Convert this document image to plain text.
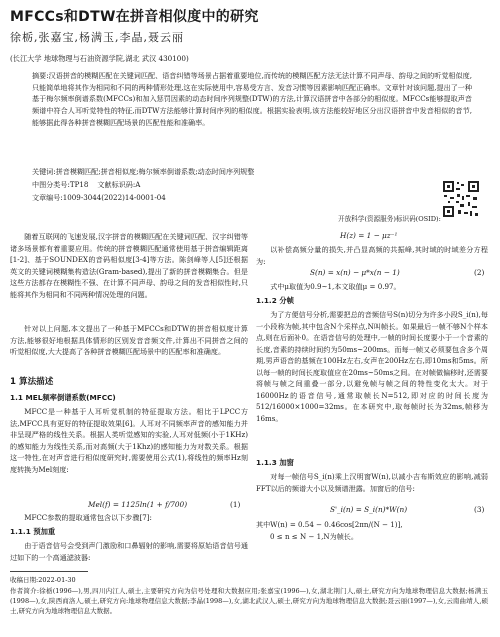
MFCCs和DTW在拼音相似度中的研究
徐栃,张嘉宝,杨满玉,李晶,聂云丽
(长江大学 地球物理与石油资源学院,湖北 武汉 430100)
摘要:汉语拼音的模糊匹配在关键词匹配、语音纠错等场景占据着重要地位,而传统的模糊匹配方法无法计算不同声母、韵母之间的听觉相似度,只能简单地将其作为相同和不同的两种情形处理,这在实际使用中,容易受方言、发音习惯等因素影响匹配正确率。文章针对该问题,提出了一种基于梅尔频率倒谱系数(MFCCs)和加入惩罚因素的动态时间序列规整(DTW)的方法,计算汉语拼音中各部分的相似度。MFCCs能够提取声音频谱中符合人耳听觉特性的特征,而DTW方法能够计算时间序列的相似度。根据实验表明,该方法能较好地区分出汉语拼音中发音相似的音节,能够据此得各种拼音模糊匹配场景的匹配性能和准确率。
关键词:拼音模糊匹配;拼音相似度;梅尔频率倒谱系数;动态时间序列规整
中图分类号:TP18 文献标识码:A
文章编号:1009-3044(2022)14-0001-04
开放科学(资源服务)标识码(OSID):

随着互联网的飞速发展,汉字拼音的模糊匹配在关键词匹配、汉字纠错等诸多场景都有着重要应用。传统的拼音模糊匹配通常使用基于拼音编辑距离[1-2]、基于SOUNDEX的音码相似度[3-4]等方法。陈剑峰等人[5]还根据英文的关键词模糊集构造法(Gram-based),提出了新的拼音模糊集合。但是这些方法都存在模糊性不强、在计算不同声母、韵母之间的发音相似性时,只能将其作为相同和不同两种情况处理的问题。

针对以上问题,本文提出了一种基于MFCCs和DTW的拼音相似度计算方法,能够很好地根据具体情形的区别发音音频文件,计算出不同拼音之间的听觉相似度,大大提高了各种拼音模糊匹配场景中的匹配率和准确度。

1 算法描述
1.1 MEL频率倒谱系数(MFCC)

MFCC是一种基于人耳听觉机制的特征提取方法。相比于LPCC方法,MFCC具有更好的特征提取效果[6]。人耳对不同频率声音的感知能力并非呈现严格的线性关系。根据人类听觉感知的实验,人耳对低频(小于1KHz)的感知能力为线性关系,而对高频(大于1Khz)的感知能力为对数关系。根据这一特性,在对声音进行相似度研究时,需要使用公式(1),将线性的频率Hz刻度转换为Mel刻度:

Mel(f) = 1125ln(1 + f/700)	(1)

MFCC参数的提取通常包含以下步骤[7]:

1.1.1 预加重

由于语音信号会受到声门激励和口鼻辐射的影响,需要将原始语音信号通过如下的一个高通滤波器:

H(z) = 1 − μz⁻¹

以补偿高频分量的损失,并凸显高频的共振峰,其时域的时域差分方程为:

S(n) = x(n) − μ*x(n − 1)	(2)

式中μ取值为0.9~1,本文取值μ = 0.97。

1.1.2 分帧

为了方便信号分析,需要把总的音频信号S(n)切分为许多小段S_i(n),每一小段称为帧,其中包含N个采样点,N叫帧长。如果最后一帧不够N个样本点,则在后面补0。在语音信号的处理中,一帧的时间长度要小于一个音素的长度,音素的持续时间约为50ms~200ms。而每一帧又必须要包含多个周期,男声语音的基频在100Hz左右,女声在200Hz左右,即10ms和5ms。所以每一帧的时间长度取值应在20ms~50ms之间。在对帧做偏移时,还需要将帧与帧之间重叠一部分,以避免帧与帧之间的特性变化太大。对于16000Hz的语音信号,通常取帧长N=512,即对应的时间长度为512/16000×1000=32ms。在本研究中,取每帧时长为32ms,帧移为16ms。

1.1.3 加窗

对每一帧信号S_i(n)乘上汉明窗W(n),以减小吉布斯效应的影响,减弱FFT以后的频谱大小以及频谱泄露。加窗后的信号:

S'_i(n) = S_i(n)*W(n)	(3)
其中W(n) = 0.54 − 0.46cos[2πn/(N − 1)],
0 ≤ n ≤ N − 1,N为帧长。
收稿日期:2022-01-30
作者简介:徐栃(1996—),男,四川内江人,硕士,主要研究方向为信号处理和大数据应用;张嘉宝(1996—),女,湖北荆门人,硕士,研究方向为地球物理信息大数据;杨满玉(1998—),女,陕西商洛人,硕士,研究方向:地球物理信息大数据;李晶(1998—),女,湖北武汉人,硕士,研究方向为地球物理信息大数据;聂云丽(1997—),女,云南曲靖人,硕士,研究方向为地球物理信息大数据。
